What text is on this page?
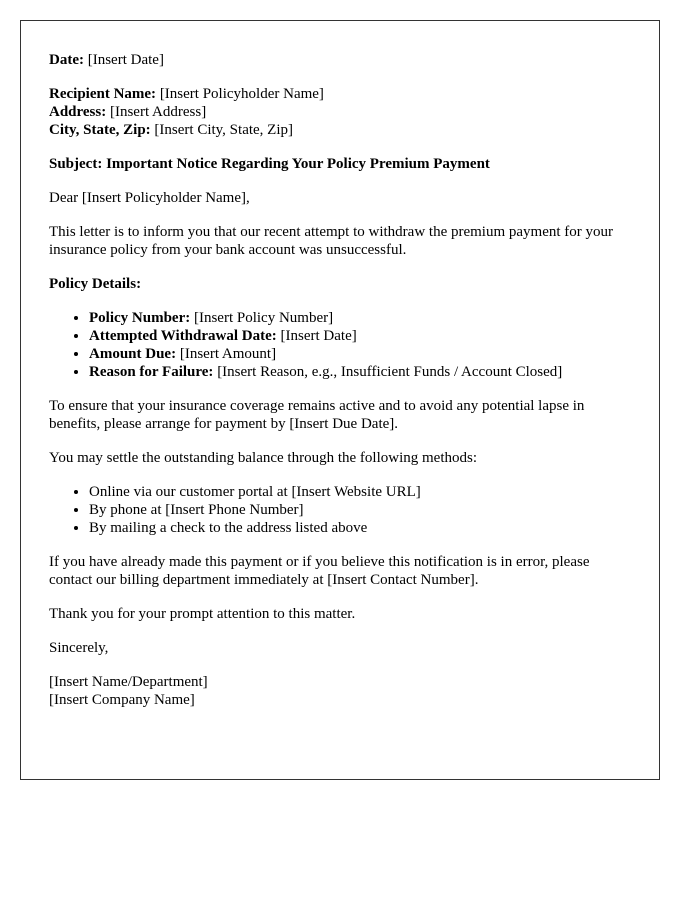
Date: [Insert Date]

Recipient Name: [Insert Policyholder Name]

Address: [Insert Address]

City, State, Zip: [Insert City, State, Zip]

Subject: Important Notice Regarding Your Policy Premium Payment

Dear [Insert Policyholder Name],

This letter is to inform you that our recent attempt to withdraw the premium payment for your insurance policy from your bank account was unsuccessful.

Policy Details:

• Policy Number: [Insert Policy Number]
• Attempted Withdrawal Date: [Insert Date]
• Amount Due: [Insert Amount]
• Reason for Failure: [Insert Reason, e.g., Insufficient Funds / Account Closed]

To ensure that your insurance coverage remains active and to avoid any potential lapse in benefits, please arrange for payment by [Insert Due Date].

You may settle the outstanding balance through the following methods:

• Online via our customer portal at [Insert Website URL]
• By phone at [Insert Phone Number]
• By mailing a check to the address listed above

If you have already made this payment or if you believe this notification is in error, please contact our billing department immediately at [Insert Contact Number].

Thank you for your prompt attention to this matter.

Sincerely,

[Insert Name/Department]

[Insert Company Name]
